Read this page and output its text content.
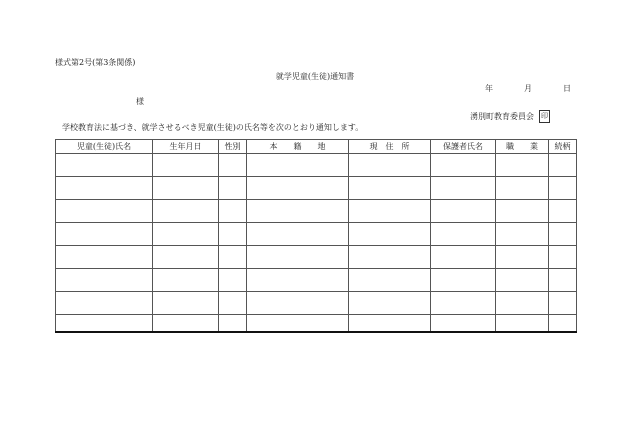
様式第2号(第3条関係)
就学児童(生徒)通知書
年	月	日
様
湧別町教育委員会 印
学校教育法に基づき、就学させるべき児童(生徒)の氏名等を次のとおり通知します。
児童(生徒)氏名	生年月日	性別	本　　籍　　地	現　住　所	保護者氏名	職　　業	続柄
